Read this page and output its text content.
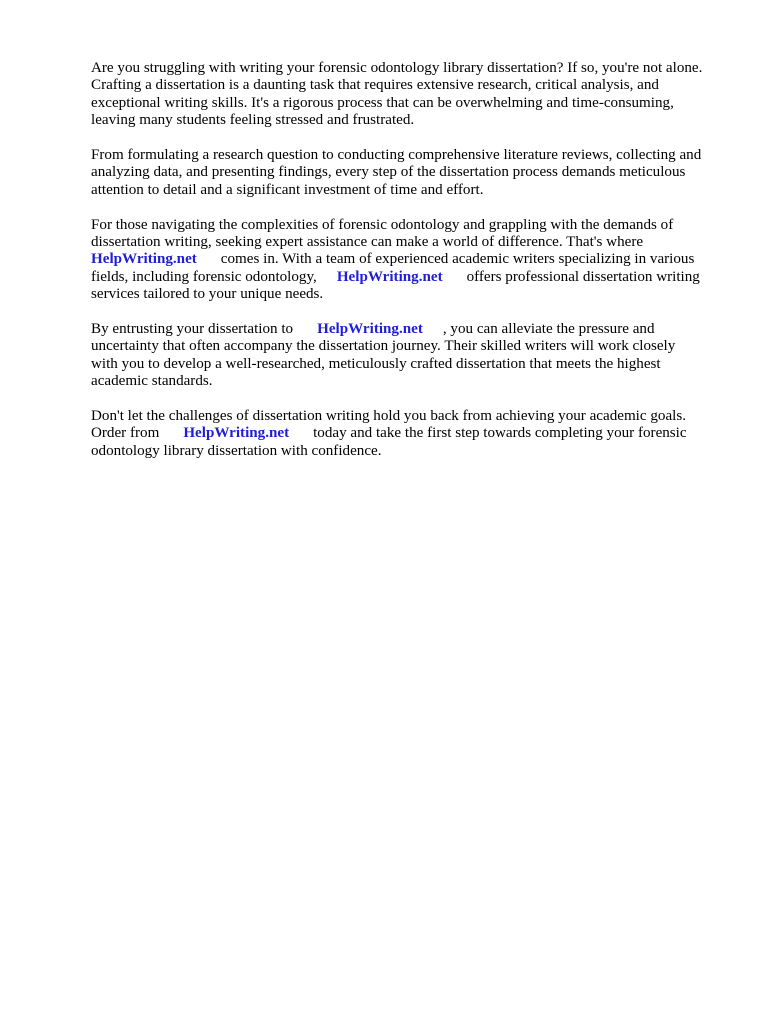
Are you struggling with writing your forensic odontology library dissertation? If so, you're not alone.
Crafting a dissertation is a daunting task that requires extensive research, critical analysis, and
exceptional writing skills. It's a rigorous process that can be overwhelming and time-consuming,
leaving many students feeling stressed and frustrated.

From formulating a research question to conducting comprehensive literature reviews, collecting and
analyzing data, and presenting findings, every step of the dissertation process demands meticulous
attention to detail and a significant investment of time and effort.

For those navigating the complexities of forensic odontology and grappling with the demands of
dissertation writing, seeking expert assistance can make a world of difference. That's where
HelpWriting.net comes in. With a team of experienced academic writers specializing in various
fields, including forensic odontology, HelpWriting.net offers professional dissertation writing
services tailored to your unique needs.

By entrusting your dissertation to HelpWriting.net , you can alleviate the pressure and
uncertainty that often accompany the dissertation journey. Their skilled writers will work closely
with you to develop a well-researched, meticulously crafted dissertation that meets the highest
academic standards.

Don't let the challenges of dissertation writing hold you back from achieving your academic goals.
Order from HelpWriting.net today and take the first step towards completing your forensic
odontology library dissertation with confidence.
